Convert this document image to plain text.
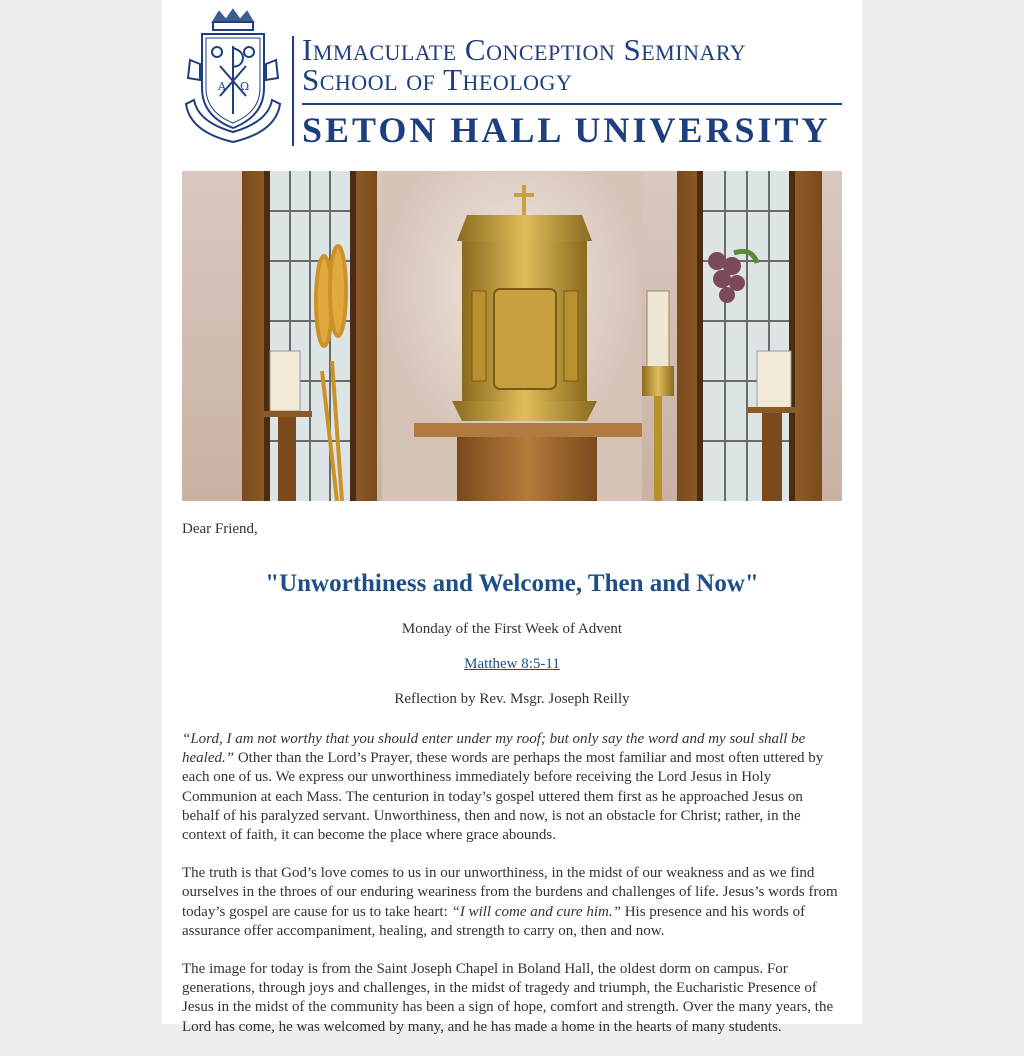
A Ω
Immaculate Conception Seminary
School of Theology
SETON HALL UNIVERSITY
Dear Friend,
"Unworthiness and Welcome, Then and Now"
Monday of the First Week of Advent
Matthew 8:5-11
Reflection by Rev. Msgr. Joseph Reilly

“Lord, I am not worthy that you should enter under my roof; but only say the word and my soul shall be healed.” Other than the Lord’s Prayer, these words are perhaps the most familiar and most often uttered by each one of us. We express our unworthiness immediately before receiving the Lord Jesus in Holy Communion at each Mass. The centurion in today’s gospel uttered them first as he approached Jesus on behalf of his paralyzed servant. Unworthiness, then and now, is not an obstacle for Christ; rather, in the context of faith, it can become the place where grace abounds.

The truth is that God’s love comes to us in our unworthiness, in the midst of our weakness and as we find ourselves in the throes of our enduring weariness from the burdens and challenges of life. Jesus’s words from today’s gospel are cause for us to take heart: “I will come and cure him.” His presence and his words of assurance offer accompaniment, healing, and strength to carry on, then and now.

The image for today is from the Saint Joseph Chapel in Boland Hall, the oldest dorm on campus. For generations, through joys and challenges, in the midst of tragedy and triumph, the Eucharistic Presence of Jesus in the midst of the community has been a sign of hope, comfort and strength. Over the many years, the Lord has come, he was welcomed by many, and he has made a home in the hearts of many students.
